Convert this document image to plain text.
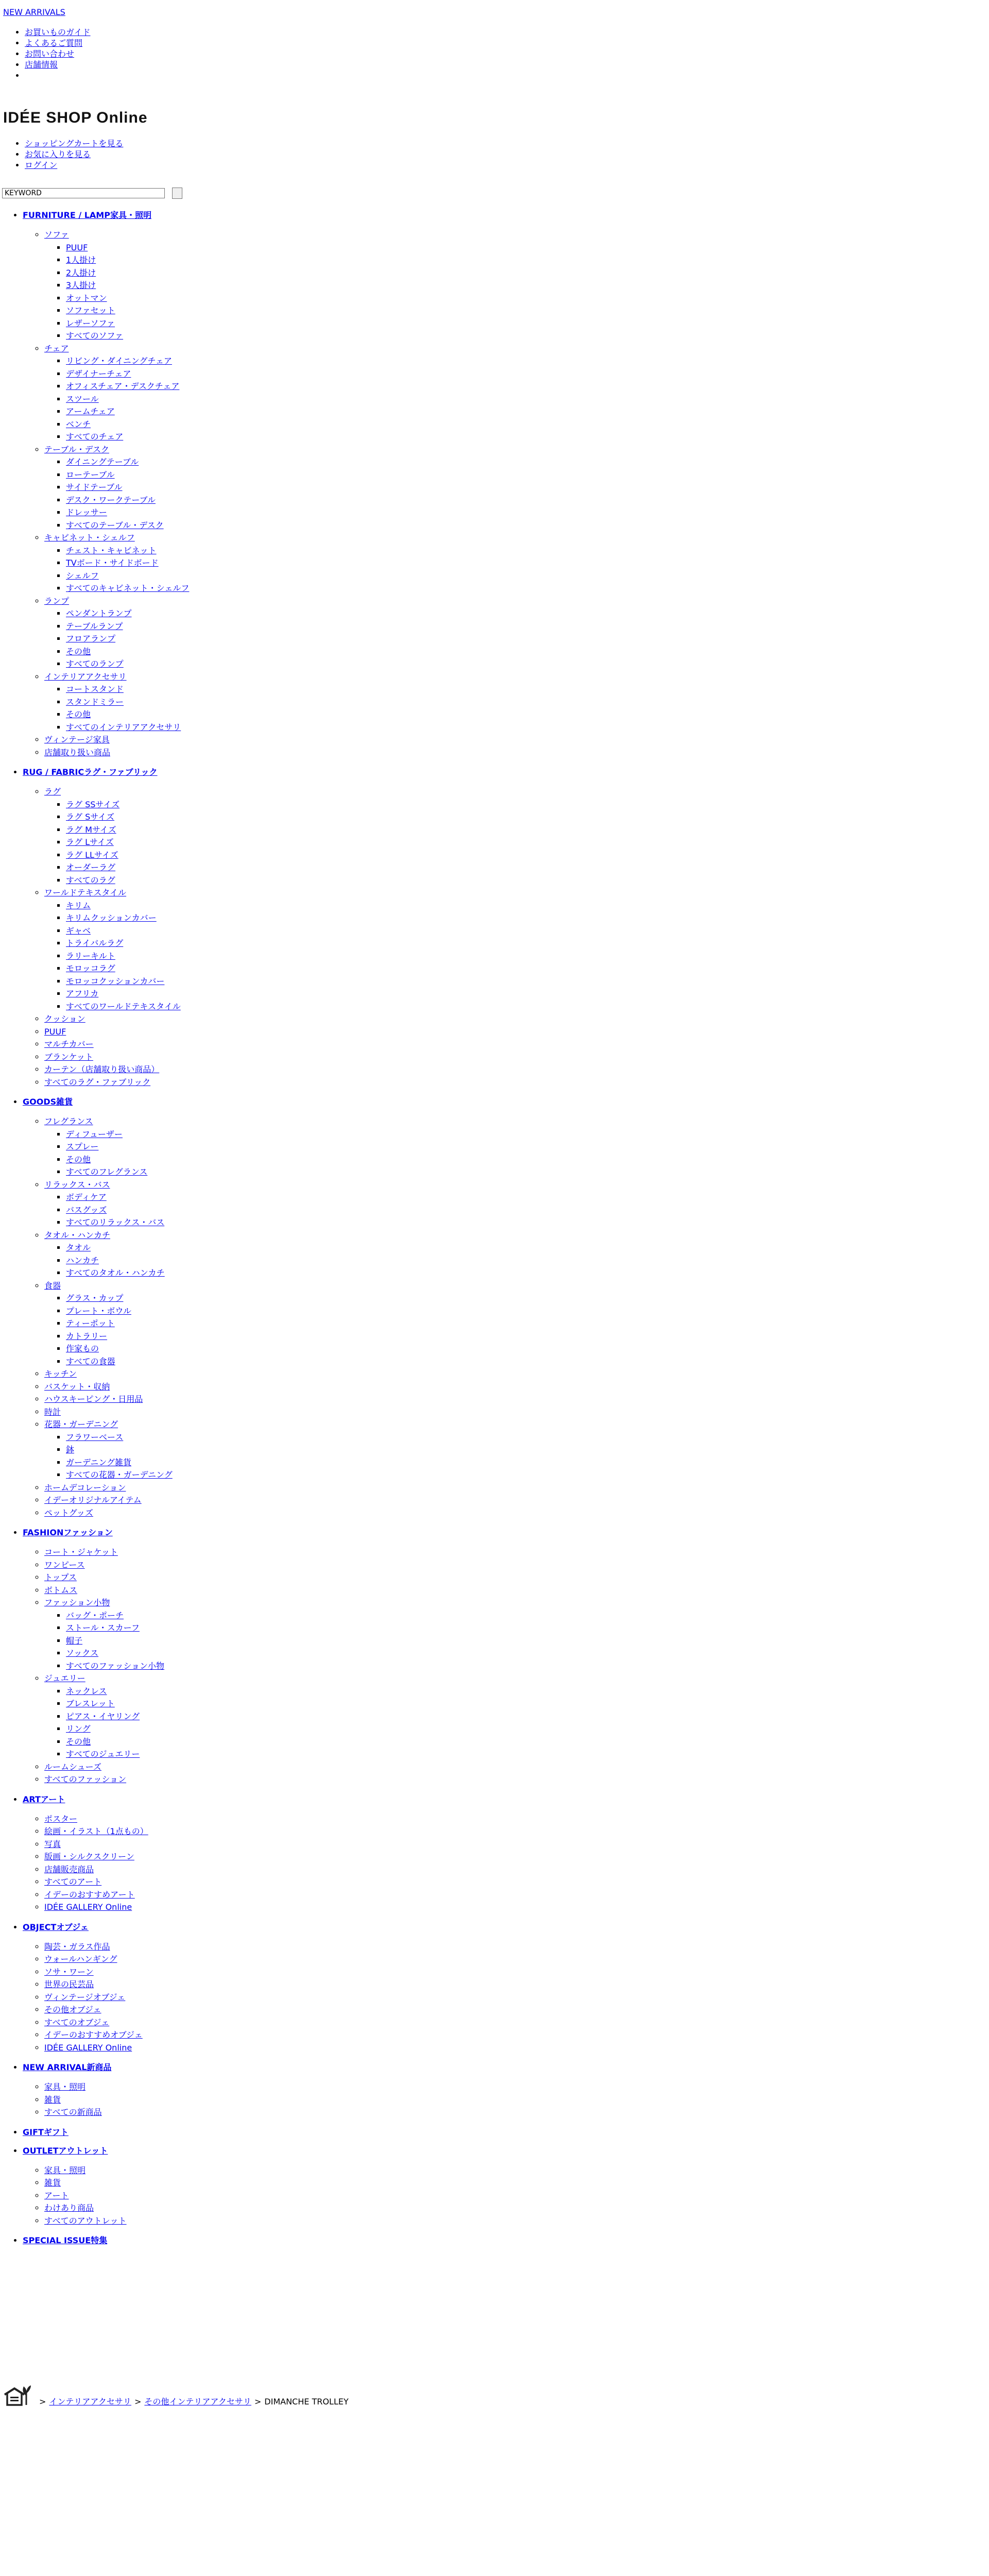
NEW ARRIVALS
• お買いものガイド
• よくあるご質問
• お問い合わせ
• 店舗情報
•
IDÉE SHOP Online
• ショッピングカートを見る
• お気に入りを見る
• ログイン
KEYWORD
• FURNITURE / LAMP家具・照明
◦ ソファ
▪ PUUF
▪ 1人掛け
▪ 2人掛け
▪ 3人掛け
▪ オットマン
▪ ソファセット
▪ レザーソファ
▪ すべてのソファ
◦ チェア
▪ リビング・ダイニングチェア
▪ デザイナーチェア
▪ オフィスチェア・デスクチェア
▪ スツール
▪ アームチェア
▪ ベンチ
▪ すべてのチェア
◦ テーブル・デスク
▪ ダイニングテーブル
▪ ローテーブル
▪ サイドテーブル
▪ デスク・ワークテーブル
▪ ドレッサー
▪ すべてのテーブル・デスク
◦ キャビネット・シェルフ
▪ チェスト・キャビネット
▪ TVボード・サイドボード
▪ シェルフ
▪ すべてのキャビネット・シェルフ
◦ ランプ
▪ ペンダントランプ
▪ テーブルランプ
▪ フロアランプ
▪ その他
▪ すべてのランプ
◦ インテリアアクセサリ
▪ コートスタンド
▪ スタンドミラー
▪ その他
▪ すべてのインテリアアクセサリ
◦ ヴィンテージ家具
◦ 店舗取り扱い商品
• RUG / FABRICラグ・ファブリック
◦ ラグ
▪ ラグ SSサイズ
▪ ラグ Sサイズ
▪ ラグ Mサイズ
▪ ラグ Lサイズ
▪ ラグ LLサイズ
▪ オーダーラグ
▪ すべてのラグ
◦ ワールドテキスタイル
▪ キリム
▪ キリムクッションカバー
▪ ギャベ
▪ トライバルラグ
▪ ラリーキルト
▪ モロッコラグ
▪ モロッコクッションカバー
▪ アフリカ
▪ すべてのワールドテキスタイル
◦ クッション
◦ PUUF
◦ マルチカバー
◦ ブランケット
◦ カーテン（店舗取り扱い商品）
◦ すべてのラグ・ファブリック
• GOODS雑貨
◦ フレグランス
▪ ディフューザー
▪ スプレー
▪ その他
▪ すべてのフレグランス
◦ リラックス・バス
▪ ボディケア
▪ バスグッズ
▪ すべてのリラックス・バス
◦ タオル・ハンカチ
▪ タオル
▪ ハンカチ
▪ すべてのタオル・ハンカチ
◦ 食器
▪ グラス・カップ
▪ プレート・ボウル
▪ ティーポット
▪ カトラリー
▪ 作家もの
▪ すべての食器
◦ キッチン
◦ バスケット・収納
◦ ハウスキーピング・日用品
◦ 時計
◦ 花器・ガーデニング
▪ フラワーベース
▪ 鉢
▪ ガーデニング雑貨
▪ すべての花器・ガーデニング
◦ ホームデコレーション
◦ イデーオリジナルアイテム
◦ ペットグッズ
• FASHIONファッション
◦ コート・ジャケット
◦ ワンピース
◦ トップス
◦ ボトムス
◦ ファッション小物
▪ バッグ・ポーチ
▪ ストール・スカーフ
▪ 帽子
▪ ソックス
▪ すべてのファッション小物
◦ ジュエリー
▪ ネックレス
▪ ブレスレット
▪ ピアス・イヤリング
▪ リング
▪ その他
▪ すべてのジュエリー
◦ ルームシューズ
◦ すべてのファッション
• ARTアート
◦ ポスター
◦ 絵画・イラスト（1点もの）
◦ 写真
◦ 版画・シルクスクリーン
◦ 店舗販売商品
◦ すべてのアート
◦ イデーのおすすめアート
◦ IDÉE GALLERY Online
• OBJECTオブジェ
◦ 陶芸・ガラス作品
◦ ウォールハンギング
◦ ソサ・ワーン
◦ 世界の民芸品
◦ ヴィンテージオブジェ
◦ その他オブジェ
◦ すべてのオブジェ
◦ イデーのおすすめオブジェ
◦ IDÉE GALLERY Online
• NEW ARRIVAL新商品
◦ 家具・照明
◦ 雑貨
◦ すべての新商品
• GIFTギフト
• OUTLETアウトレット
◦ 家具・照明
◦ 雑貨
◦ アート
◦ わけあり商品
◦ すべてのアウトレット
• SPECIAL ISSUE特集
> インテリアアクセサリ > その他インテリアアクセサリ > DIMANCHE TROLLEY
